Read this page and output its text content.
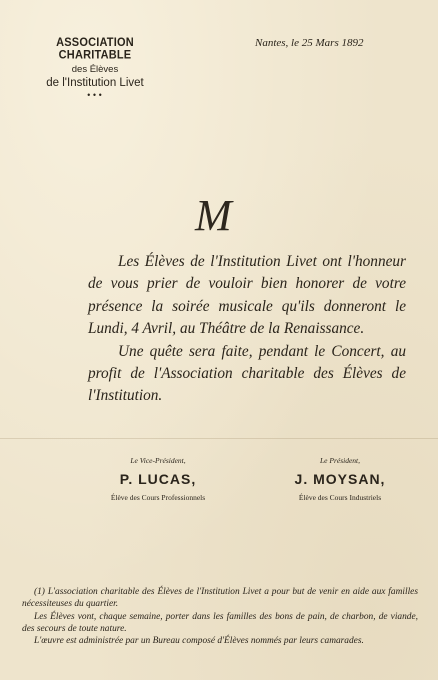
ASSOCIATION CHARITABLE
des Élèves
de l'Institution Livet
•••
Nantes, le 25 Mars 1892
M

Les Élèves de l'Institution Livet ont l'honneur de vous prier de vouloir bien honorer de votre présence la soirée musicale qu'ils donneront le Lundi, 4 Avril, au Théâtre de la Renaissance.

Une quête sera faite, pendant le Concert, au profit de l'Association charitable des Élèves de l'Institution.

Le Vice-Président,
P. LUCAS,
Élève des Cours Professionnels
Le Président,
J. MOYSAN,
Élève des Cours Industriels

(1) L'association charitable des Élèves de l'Institution Livet a pour but de venir en aide aux familles nécessiteuses du quartier.

Les Élèves vont, chaque semaine, porter dans les familles des bons de pain, de charbon, de viande, des secours de toute nature.

L'œuvre est administrée par un Bureau composé d'Élèves nommés par leurs camarades.
